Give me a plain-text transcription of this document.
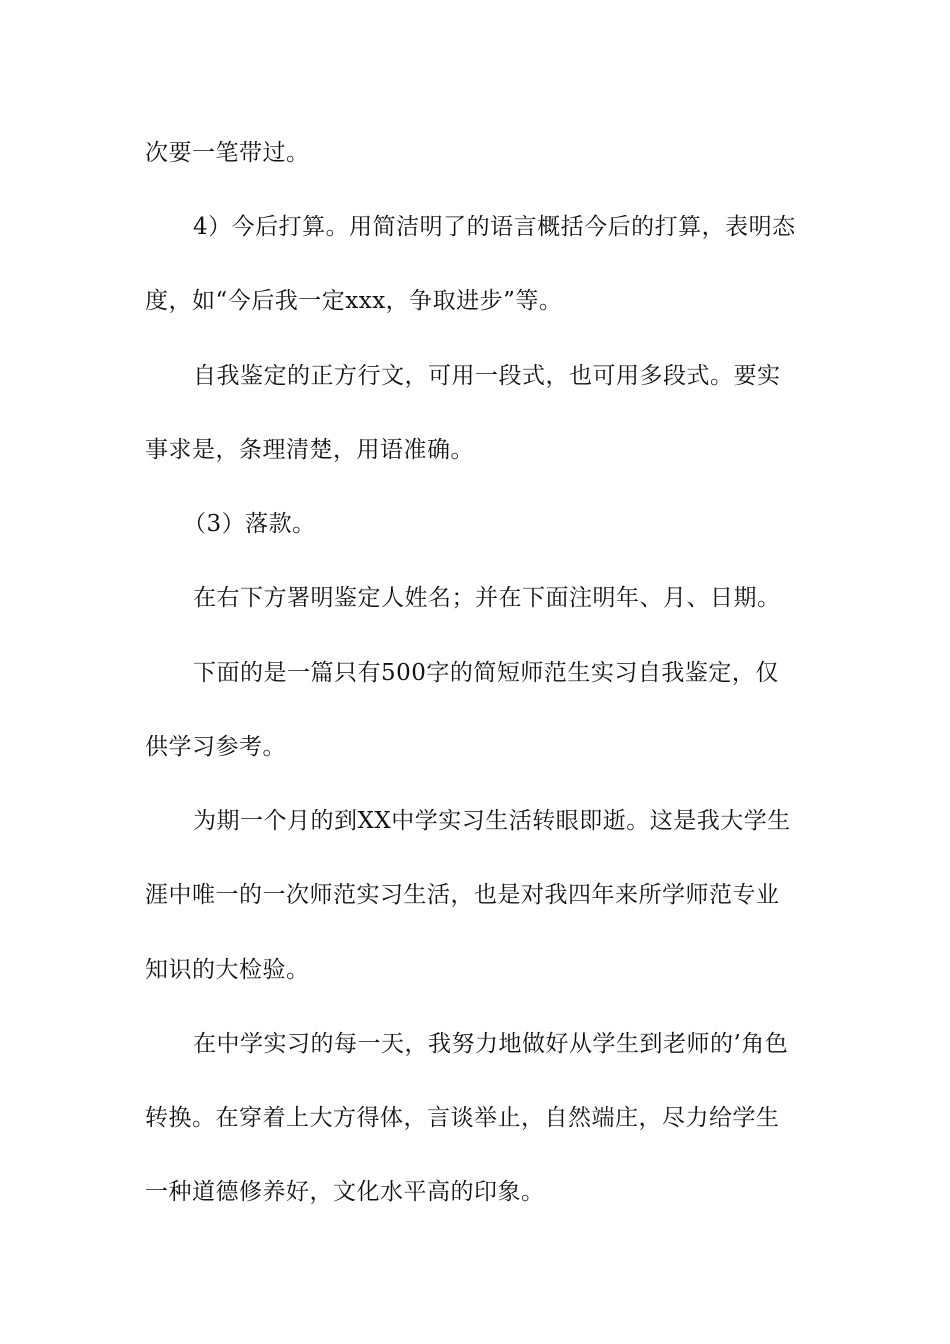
次要一笔带过。
4）今后打算。用简洁明了的语言概括今后的打算，表明态
度，如“今后我一定xxx，争取进步”等。
自我鉴定的正方行文，可用一段式，也可用多段式。要实
事求是，条理清楚，用语准确。
（3）落款。
在右下方署明鉴定人姓名；并在下面注明年、月、日期。
下面的是一篇只有500字的简短师范生实习自我鉴定，仅
供学习参考。
为期一个月的到XX中学实习生活转眼即逝。这是我大学生
涯中唯一的一次师范实习生活，也是对我四年来所学师范专业
知识的大检验。
在中学实习的每一天，我努力地做好从学生到老师的’角色
转换。在穿着上大方得体，言谈举止，自然端庄，尽力给学生
一种道德修养好，文化水平高的印象。
